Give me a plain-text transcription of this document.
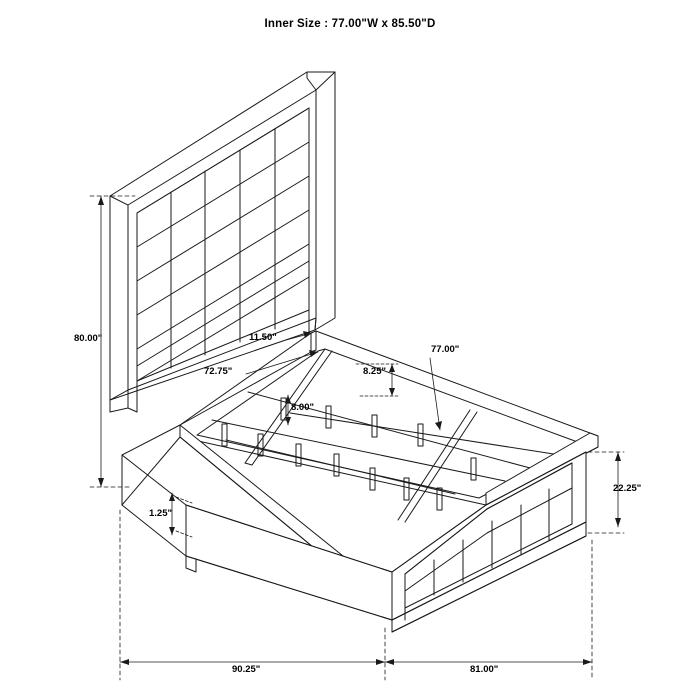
Inner Size : 77.00"W x 85.50"D
80.00"
1.25"
22.25"
8.00"
8.25"
11.50"
72.75"
77.00"
90.25"	81.00"
